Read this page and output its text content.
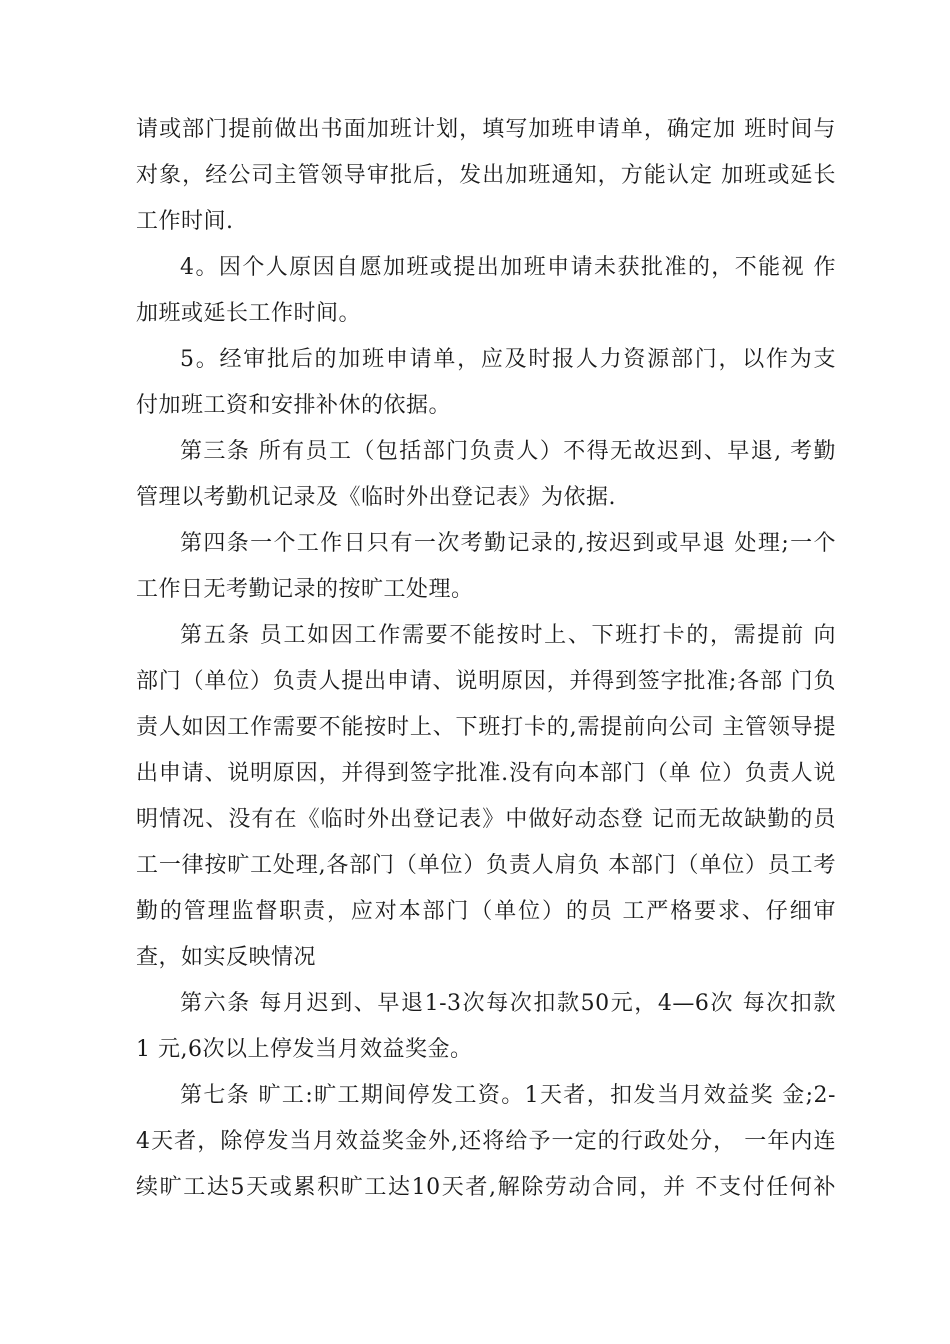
请或部门提前做出书面加班计划，填写加班申请单，确定加 班时间与
对象，经公司主管领导审批后，发出加班通知，方能认定 加班或延长
工作时间.
4。因个人原因自愿加班或提出加班申请未获批准的，不能视 作
加班或延长工作时间。
5。经审批后的加班申请单，应及时报人力资源部门，以作为支
付加班工资和安排补休的依据。
第三条 所有员工（包括部门负责人）不得无故迟到、早退, 考勤
管理以考勤机记录及《临时外出登记表》为依据.
第四条一个工作日只有一次考勤记录的,按迟到或早退 处理;一个
工作日无考勤记录的按旷工处理。
第五条 员工如因工作需要不能按时上、下班打卡的，需提前 向
部门（单位）负责人提出申请、说明原因，并得到签字批准;各部 门负
责人如因工作需要不能按时上、下班打卡的,需提前向公司 主管领导提
出申请、说明原因，并得到签字批准.没有向本部门（单 位）负责人说
明情况、没有在《临时外出登记表》中做好动态登 记而无故缺勤的员
工一律按旷工处理,各部门（单位）负责人肩负 本部门（单位）员工考
勤的管理监督职责，应对本部门（单位）的员 工严格要求、仔细审
查，如实反映情况
第六条 每月迟到、早退1-3次每次扣款50元，4—6次 每次扣款
1 元,6次以上停发当月效益奖金。
第七条 旷工:旷工期间停发工资。1天者，扣发当月效益奖 金;2-
4天者，除停发当月效益奖金外,还将给予一定的行政处分， 一年内连
续旷工达5天或累积旷工达10天者,解除劳动合同，并 不支付任何补
